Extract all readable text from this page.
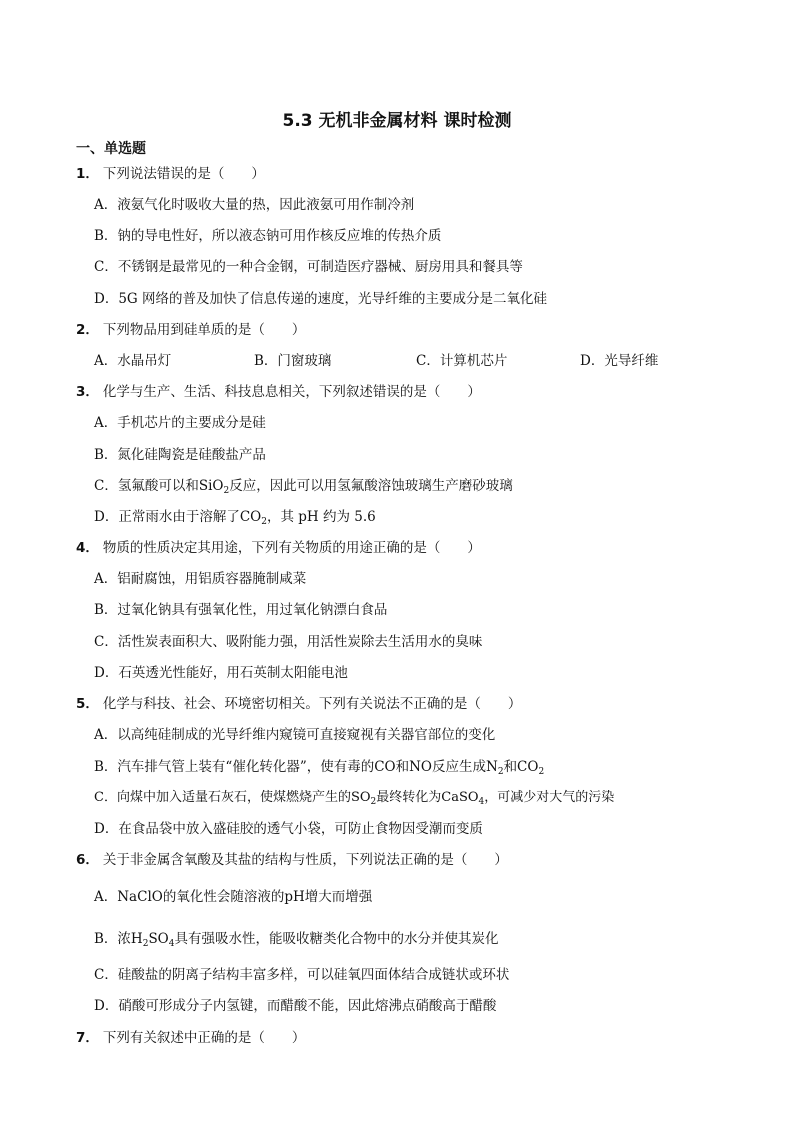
5.3 无机非金属材料 课时检测
一、单选题
1． 下列说法错误的是（　　）
A．液氨气化时吸收大量的热，因此液氨可用作制冷剂
B．钠的导电性好，所以液态钠可用作核反应堆的传热介质
C．不锈钢是最常见的一种合金钢，可制造医疗器械、厨房用具和餐具等
D．5G 网络的普及加快了信息传递的速度，光导纤维的主要成分是二氧化硅
2． 下列物品用到硅单质的是（　　）
A．水晶吊灯	B．门窗玻璃	C．计算机芯片	D．光导纤维
3． 化学与生产、生活、科技息息相关，下列叙述错误的是（　　）
A．手机芯片的主要成分是硅
B．氮化硅陶瓷是硅酸盐产品
C．氢氟酸可以和SiO$_2$反应，因此可以用氢氟酸溶蚀玻璃生产磨砂玻璃
D．正常雨水由于溶解了$CO_2$，其 pH 约为 5.6
4． 物质的性质决定其用途，下列有关物质的用途正确的是（　　）
A．铝耐腐蚀，用铝质容器腌制咸菜
B．过氧化钠具有强氧化性，用过氧化钠漂白食品
C．活性炭表面积大、吸附能力强，用活性炭除去生活用水的臭味
D．石英透光性能好，用石英制太阳能电池
5． 化学与科技、社会、环境密切相关。下列有关说法不正确的是（　　）
A．以高纯硅制成的光导纤维内窥镜可直接窥视有关器官部位的变化
B．汽车排气管上装有“催化转化器”，使有毒的CO和NO反应生成$N_2$和$CO_2$
C．向煤中加入适量石灰石，使煤燃烧产生的$SO_2$最终转化为CaSO$_4$，可减少对大气的污染
D．在食品袋中放入盛硅胶的透气小袋，可防止食物因受潮而变质
6． 关于非金属含氧酸及其盐的结构与性质，下列说法正确的是（　　）
A．NaClO的氧化性会随溶液的pH增大而增强
B．浓$H_2SO_4$具有强吸水性，能吸收糖类化合物中的水分并使其炭化
C．硅酸盐的阴离子结构丰富多样，可以硅氧四面体结合成链状或环状
D．硝酸可形成分子内氢键，而醋酸不能，因此熔沸点硝酸高于醋酸
7． 下列有关叙述中正确的是（　　）
